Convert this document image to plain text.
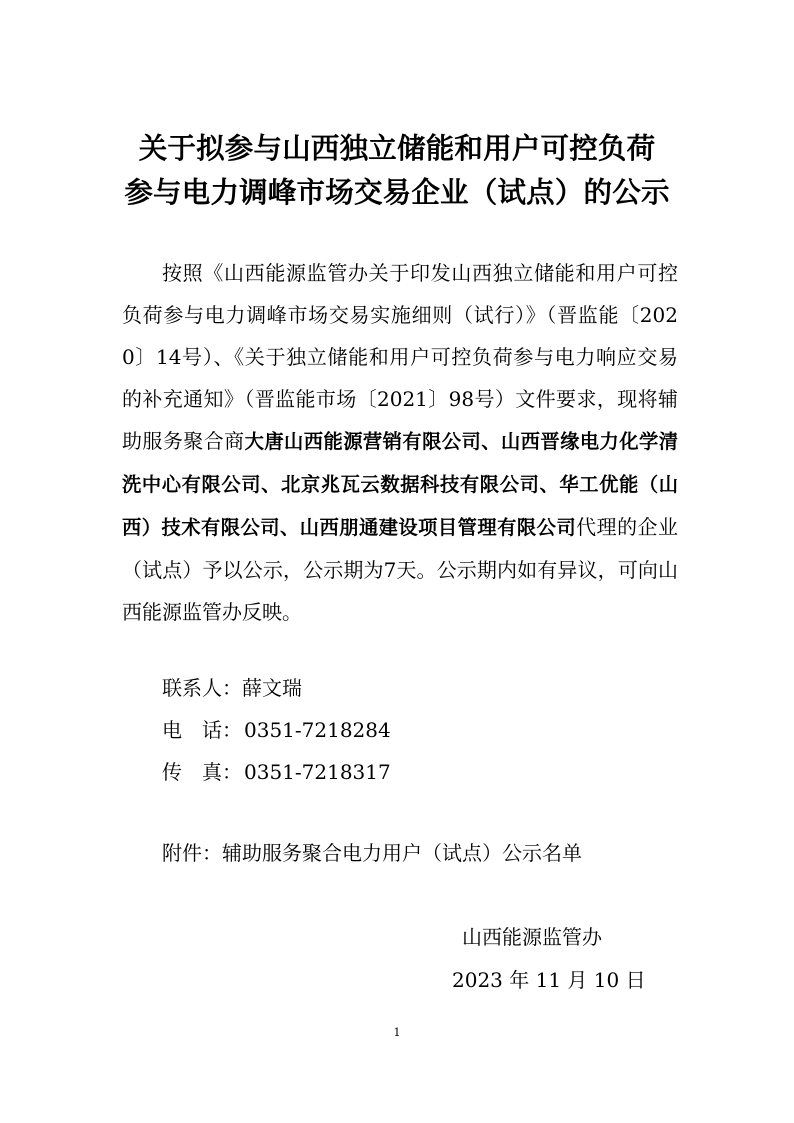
关于拟参与山西独立储能和用户可控负荷
参与电力调峰市场交易企业（试点）的公示
按照《山西能源监管办关于印发山西独立储能和用户可控负荷参与电力调峰市场交易实施细则（试行）》（晋监能〔2020〕14号）、《关于独立储能和用户可控负荷参与电力响应交易的补充通知》（晋监能市场〔2021〕98号）文件要求，现将辅助服务聚合商大唐山西能源营销有限公司、山西晋缘电力化学清洗中心有限公司、北京兆瓦云数据科技有限公司、华工优能（山西）技术有限公司、山西朋通建设项目管理有限公司代理的企业（试点）予以公示，公示期为7天。公示期内如有异议，可向山西能源监管办反映。
联系人：薛文瑞
电　话： 0351-7218284
传　真： 0351-7218317
附件：辅助服务聚合电力用户（试点）公示名单
山西能源监管办
2023 年 11 月 10 日
1
